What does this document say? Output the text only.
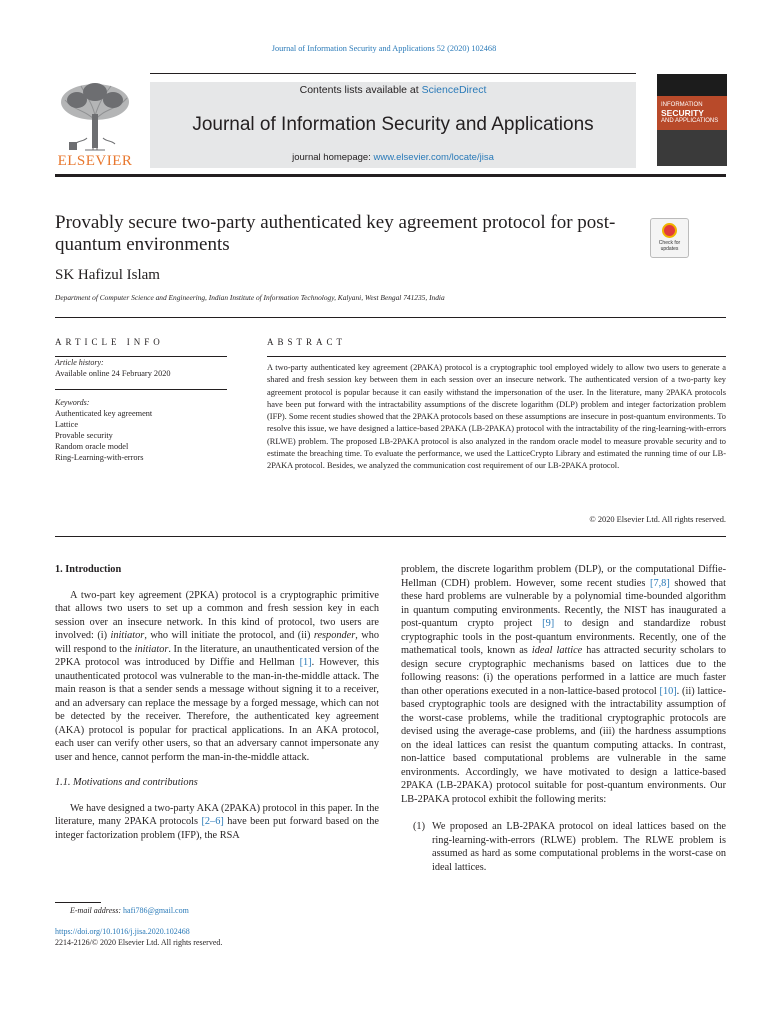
Journal of Information Security and Applications 52 (2020) 102468
ELSEVIER
Contents lists available at ScienceDirect
Journal of Information Security and Applications
journal homepage: www.elsevier.com/locate/jisa
INFORMATION
SECURITY
AND APPLICATIONS
Provably secure two-party authenticated key agreement protocol for post-quantum environments	Check for
updates
SK Hafizul Islam
Department of Computer Science and Engineering, Indian Institute of Information Technology, Kalyani, West Bengal 741235, India
ARTICLE INFO
Article history:
Available online 24 February 2020
Keywords:
Authenticated key agreement
Lattice
Provable security
Random oracle model
Ring-Learning-with-errors
ABSTRACT
A two-party authenticated key agreement (2PAKA) protocol is a cryptographic tool employed widely to allow two users to generate a shared and fresh session key between them in each session over an insecure network. The authenticated version of a two-party key agreement protocol is popular because it can easily withstand the impersonation of the user. In the literature, many 2PAKA protocols have been put forward with the intractability assumptions of the discrete logarithm (DLP) problem and integer factorization problem (IFP). Some recent studies showed that the 2PAKA protocols based on these assumptions are insecure in post-quantum environments. To resolve this issue, we have designed a lattice-based 2PAKA (LB-2PAKA) protocol with the intractability of the ring-learning-with-errors (RLWE) problem. The proposed LB-2PAKA protocol is also analyzed in the random oracle model to measure provable security and to estimate the breaching time. To evaluate the performance, we used the LatticeCrypto Library and estimated the running time of our LB-2PAKA protocol. Besides, we analyzed the communication cost requirement of our LB-2PAKA protocol.
© 2020 Elsevier Ltd. All rights reserved.
1. Introduction

A two-part key agreement (2PKA) protocol is a cryptographic primitive that allows two users to set up a common and fresh session key in each session over an insecure network. In this kind of protocol, two users are involved: (i) initiator, who will initiate the protocol, and (ii) responder, who will respond to the initiator. In the literature, an unauthenticated version of the 2PKA protocol was introduced by Diffie and Hellman [1]. However, this unauthenticated protocol was vulnerable to the man-in-the-middle attack. The main reason is that a sender sends a message without signing it to a receiver, and an adversary can replace the message by a forged message, which can not be detected by the receiver. Therefore, the authenticated key agreement (AKA) protocol is popular for practical applications. In an AKA protocol, each user can verify other users, so that an adversary cannot impersonate any user and hence, cannot perform the man-in-the-middle attack.

1.1. Motivations and contributions

We have designed a two-party AKA (2PAKA) protocol in this paper. In the literature, many 2PAKA protocols [2–6] have been put forward based on the integer factorization problem (IFP), the RSA

problem, the discrete logarithm problem (DLP), or the computational Diffie-Hellman (CDH) problem. However, some recent studies [7,8] showed that these hard problems are vulnerable by a polynomial time-bounded algorithm in quantum computing environments. Recently, the NIST has inaugurated a post-quantum crypto project [9] to design and standardize robust cryptographic tools in the post-quantum environments. Recently, one of the mathematical tools, known as ideal lattice has attracted security scholars to design secure cryptographic mechanisms based on lattices due to the following reasons: (i) the operations performed in a lattice are much faster than other operations executed in a non-lattice-based protocol [10]. (ii) lattice-based cryptographic tools are designed with the intractability assumption of the worst-case problems, while the traditional cryptographic protocols are devised using the average-case problems, and (iii) the hardness assumptions on the ideal lattices can resist the quantum computing attacks. In contrast, non-lattice based computational problems are vulnerable in the same environments. Accordingly, we have motivated to design a lattice-based 2PAKA (LB-2PAKA) protocol suitable for post-quantum environments. Our LB-2PAKA protocol exhibit the following merits:

(1) We proposed an LB-2PAKA protocol on ideal lattices based on the ring-learning-with-errors (RLWE) problem. The RLWE problem is assumed as hard as some computational problems in the worst-case on ideal lattices.
E-mail address: hafi786@gmail.com
https://doi.org/10.1016/j.jisa.2020.102468
2214-2126/© 2020 Elsevier Ltd. All rights reserved.
